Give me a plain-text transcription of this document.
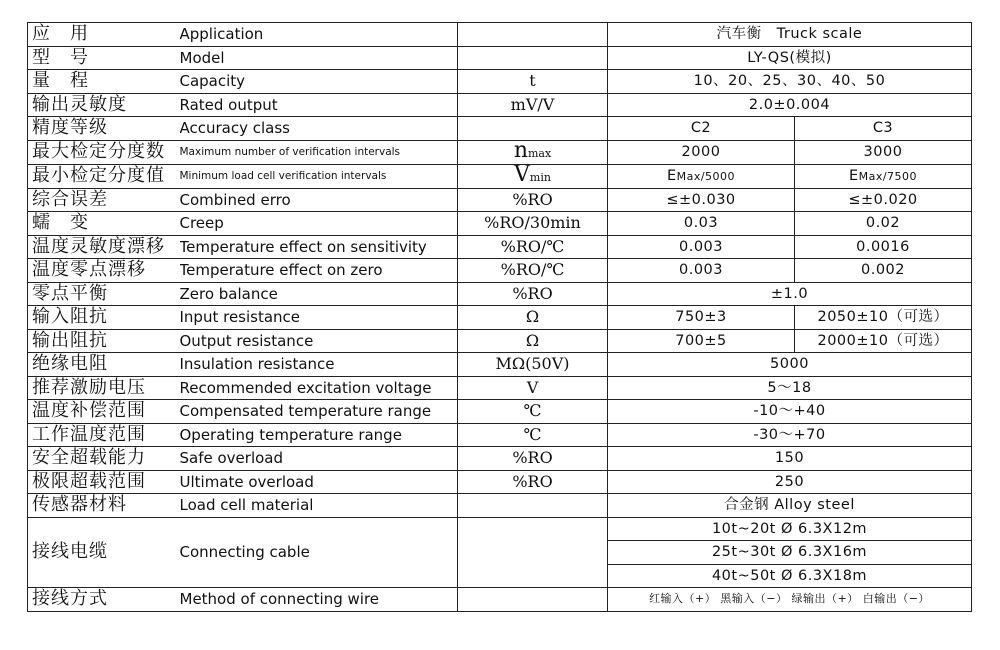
应　用	Application		汽车衡　Truck scale	
型　号	Model		LY-QS(模拟)	
量　程	Capacity	t	10、20、25、30、40、50	
输出灵敏度	Rated output	mV/V	2.0±0.004	
精度等级	Accuracy class		C2	C3
最大检定分度数	Maximum number of verification intervals	nmax	2000	3000
最小检定分度值	Minimum load cell verification intervals	Vmin	EMax/5000	EMax/7500
综合误差	Combined erro	%RO	≤±0.030	≤±0.020
蠕　变	Creep	%RO/30min	0.03	0.02
温度灵敏度漂移	Temperature effect on sensitivity	%RO/℃	0.003	0.0016
温度零点漂移	Temperature effect on zero	%RO/℃	0.003	0.002
零点平衡	Zero balance	%RO	±1.0	
输入阻抗	Input resistance	Ω	750±3	2050±10（可选）
输出阻抗	Output resistance	Ω	700±5	2000±10（可选）
绝缘电阻	Insulation resistance	MΩ(50V)	5000	
推荐激励电压	Recommended excitation voltage	V	5～18	
温度补偿范围	Compensated temperature range	℃	-10～+40	
工作温度范围	Operating temperature range	℃	-30～+70	
安全超载能力	Safe overload	%RO	150	
极限超载范围	Ultimate overload	%RO	250	
传感器材料	Load cell material		合金钢 Alloy steel	
接线电缆	Connecting cable		10t~20t Ø 6.3X12m	
			25t~30t Ø 6.3X16m	
			40t~50t Ø 6.3X18m	
接线方式	Method of connecting wire		红输入（+） 黑输入（−） 绿输出（+） 白输出（−）	
